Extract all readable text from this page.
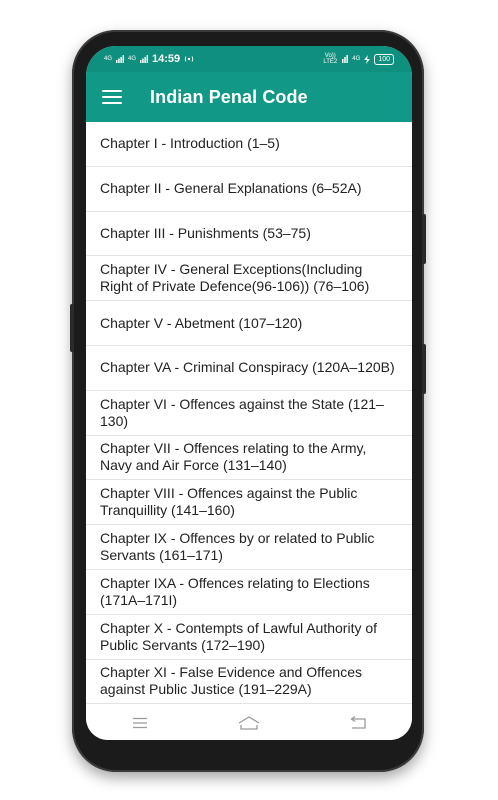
4G	4G 14:59	Vo)) LTE2	4G	100
Indian Penal Code
Chapter I - Introduction (1–5)
Chapter II - General Explanations (6–52A)
Chapter III - Punishments (53–75)
Chapter IV - General Exceptions(Including Right of Private Defence(96-106)) (76–106)
Chapter V - Abetment (107–120)
Chapter VA - Criminal Conspiracy (120A–120B)
Chapter VI - Offences against the State (121–130)
Chapter VII - Offences relating to the Army, Navy and Air Force (131–140)
Chapter VIII - Offences against the Public Tranquillity (141–160)
Chapter IX - Offences by or related to Public Servants (161–171)
Chapter IXA - Offences relating to Elections (171A–171I)
Chapter X - Contempts of Lawful Authority of Public Servants (172–190)
Chapter XI - False Evidence and Offences against Public Justice (191–229A)
